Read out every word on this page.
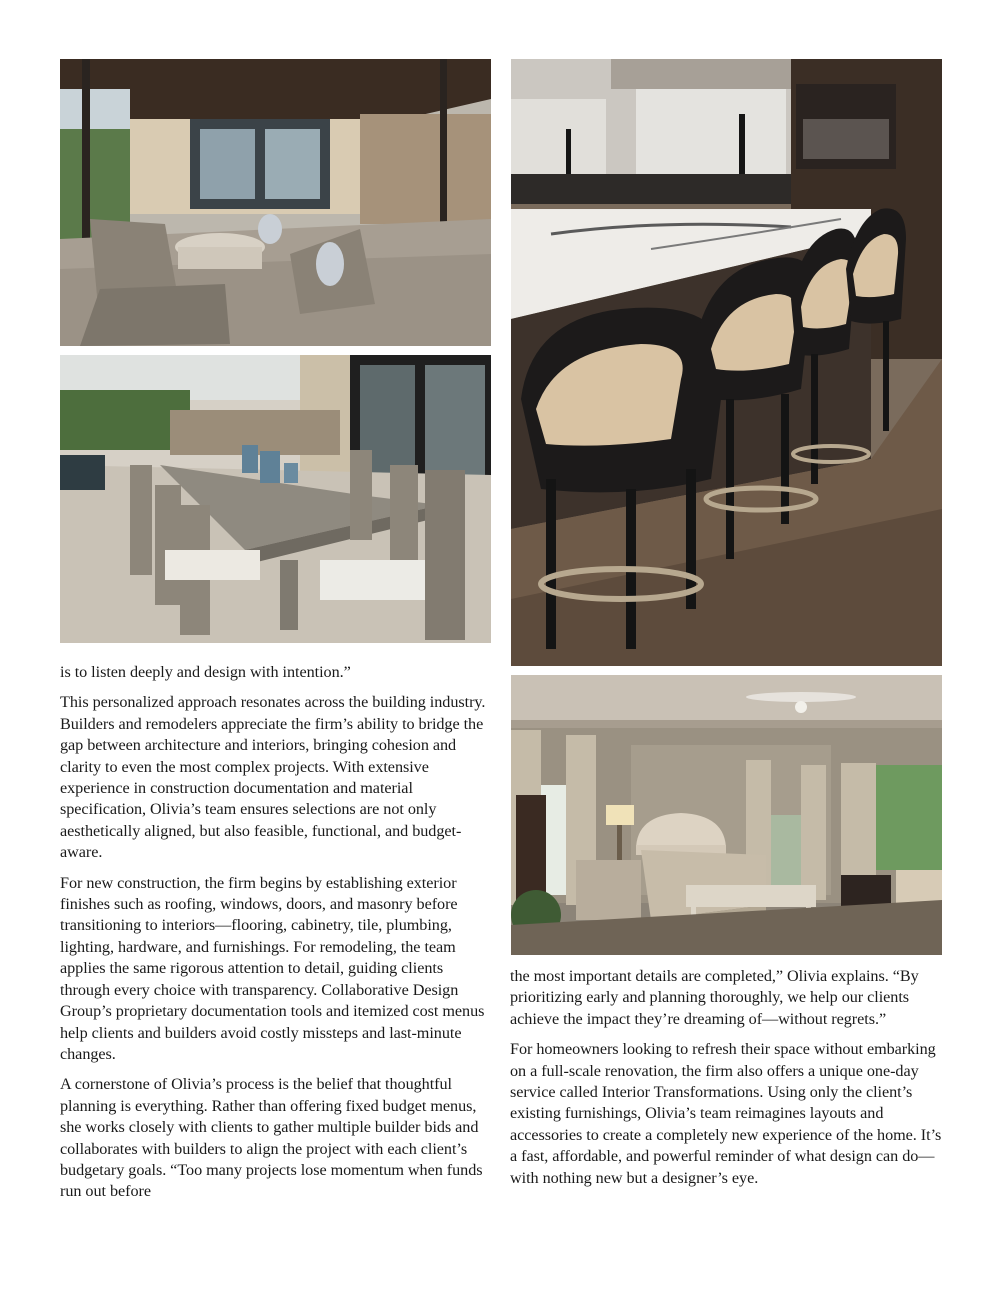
is to listen deeply and design with intention.”

This personalized approach resonates across the building industry. Builders and remodelers appreciate the firm’s ability to bridge the gap between architecture and interiors, bringing cohesion and clarity to even the most complex projects. With extensive experience in construction documentation and material specification, Olivia’s team ensures selections are not only aesthetically aligned, but also feasible, functional, and budget-aware.

For new construction, the firm begins by establishing exterior finishes such as roofing, windows, doors, and masonry before transitioning to interiors—flooring, cabinetry, tile, plumbing, lighting, hardware, and furnishings. For remodeling, the team applies the same rigorous attention to detail, guiding clients through every choice with transparency. Collaborative Design Group’s proprietary documentation tools and itemized cost menus help clients and builders avoid costly missteps and last-minute changes.

A cornerstone of Olivia’s process is the belief that thoughtful planning is everything. Rather than offering fixed budget menus, she works closely with clients to gather multiple builder bids and collaborates with builders to align the project with each client’s budgetary goals. “Too many projects lose momentum when funds run out before

the most important details are completed,” Olivia explains. “By prioritizing early and planning thoroughly, we help our clients achieve the impact they’re dreaming of—without regrets.”

For homeowners looking to refresh their space without embarking on a full-scale renovation, the firm also offers a unique one-day service called Interior Transformations. Using only the client’s existing furnishings, Olivia’s team reimagines layouts and accessories to create a completely new experience of the home. It’s a fast, affordable, and powerful reminder of what design can do—with nothing new but a designer’s eye.
